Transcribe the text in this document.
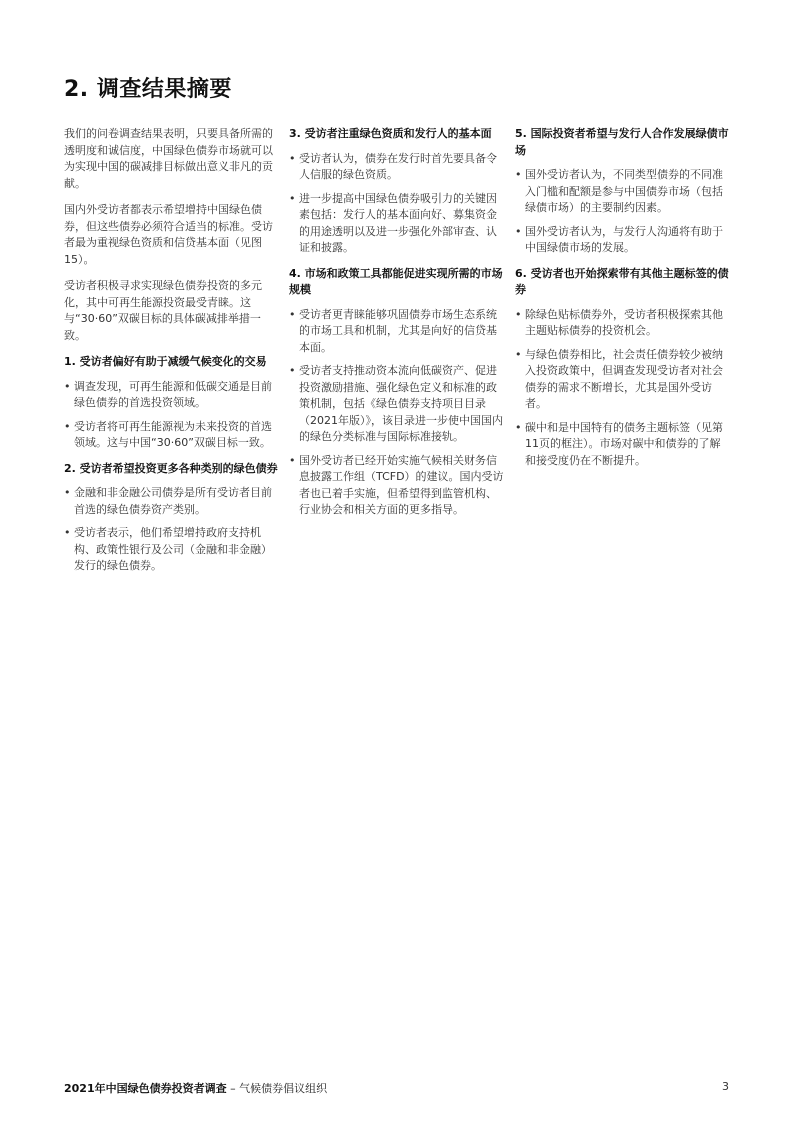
2. 调查结果摘要

我们的问卷调查结果表明，只要具备所需的透明度和诚信度，中国绿色债券市场就可以为实现中国的碳减排目标做出意义非凡的贡献。

国内外受访者都表示希望增持中国绿色债券，但这些债券必须符合适当的标准。受访者最为重视绿色资质和信贷基本面（见图15）。

受访者积极寻求实现绿色债券投资的多元化，其中可再生能源投资最受青睐。这与“30·60”双碳目标的具体碳减排举措一致。

1. 受访者偏好有助于减缓气候变化的交易
• 调查发现，可再生能源和低碳交通是目前绿色债券的首选投资领域。
• 受访者将可再生能源视为未来投资的首选领域。这与中国“30·60”双碳目标一致。
2. 受访者希望投资更多各种类别的绿色债券
• 金融和非金融公司债券是所有受访者目前首选的绿色债券资产类别。
• 受访者表示，他们希望增持政府支持机构、政策性银行及公司（金融和非金融）发行的绿色债券。
3. 受访者注重绿色资质和发行人的基本面
• 受访者认为，债券在发行时首先要具备令人信服的绿色资质。
• 进一步提高中国绿色债券吸引力的关键因素包括：发行人的基本面向好、募集资金的用途透明以及进一步强化外部审查、认证和披露。
4. 市场和政策工具都能促进实现所需的市场规模
• 受访者更青睐能够巩固债券市场生态系统的市场工具和机制，尤其是向好的信贷基本面。
• 受访者支持推动资本流向低碳资产、促进投资激励措施、强化绿色定义和标准的政策机制，包括《绿色债券支持项目目录（2021年版）》，该目录进一步使中国国内的绿色分类标准与国际标准接轨。
• 国外受访者已经开始实施气候相关财务信息披露工作组（TCFD）的建议。国内受访者也已着手实施，但希望得到监管机构、行业协会和相关方面的更多指导。
5. 国际投资者希望与发行人合作发展绿债市场
• 国外受访者认为，不同类型债券的不同准入门槛和配额是参与中国债券市场（包括绿债市场）的主要制约因素。
• 国外受访者认为，与发行人沟通将有助于中国绿债市场的发展。
6. 受访者也开始探索带有其他主题标签的债券
• 除绿色贴标债券外，受访者积极探索其他主题贴标债券的投资机会。
• 与绿色债券相比，社会责任债券较少被纳入投资政策中，但调查发现受访者对社会债券的需求不断增长，尤其是国外受访者。
• 碳中和是中国特有的债务主题标签（见第11页的框注）。市场对碳中和债券的了解和接受度仍在不断提升。
2021年中国绿色债券投资者调查 – 气候债券倡议组织	3
